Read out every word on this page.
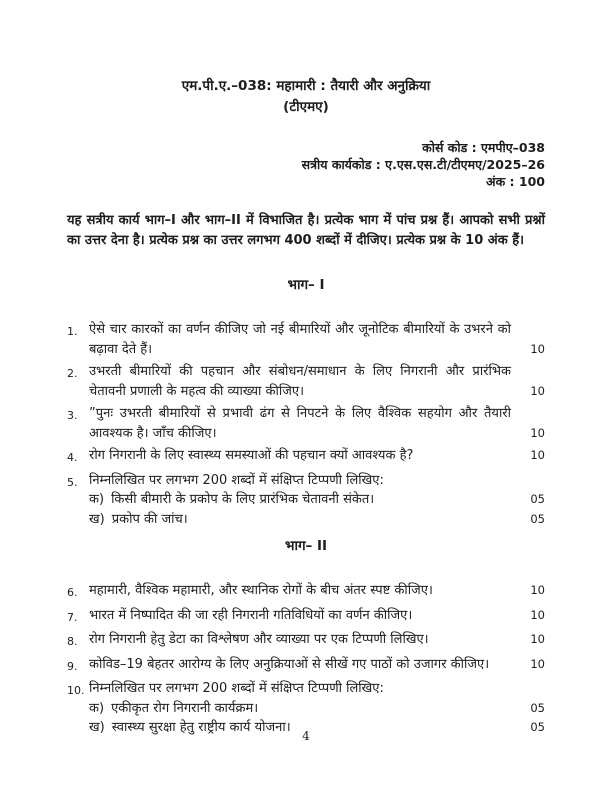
एम.पी.ए.–038: महामारी : तैयारी और अनुक्रिया
(टीएमए)
कोर्स कोड : एमपीए–038
सत्रीय कार्यकोड : ए.एस.एस.टी/टीएमए/2025–26
अंक : 100

यह सत्रीय कार्य भाग–I और भाग–II में विभाजित है। प्रत्येक भाग में पांच प्रश्न हैं। आपको सभी प्रश्नों का उत्तर देना है। प्रत्येक प्रश्न का उत्तर लगभग 400 शब्दों में दीजिए। प्रत्येक प्रश्न के 10 अंक हैं।

भाग– I
1. ऐसे चार कारकों का वर्णन कीजिए जो नई बीमारियों और जूनोटिक बीमारियों के उभरने को बढ़ावा देते हैं।	10
2. उभरती बीमारियों की पहचान और संबोधन/समाधान के लिए निगरानी और प्रारंभिक चेतावनी प्रणाली के महत्व की व्याख्या कीजिए।	10
3. ”पुनः उभरती बीमारियों से प्रभावी ढंग से निपटने के लिए वैश्विक सहयोग और तैयारी आवश्यक है। जाँच कीजिए।	10
4. रोग निगरानी के लिए स्वास्थ्य समस्याओं की पहचान क्यों आवश्यक है?	10
5. निम्नलिखित पर लगभग 200 शब्दों में संक्षिप्त टिप्पणी लिखिए:
क) किसी बीमारी के प्रकोप के लिए प्रारंभिक चेतावनी संकेत।	05
ख) प्रकोप की जांच।	05
भाग– II
6. महामारी, वैश्विक महामारी, और स्थानिक रोगों के बीच अंतर स्पष्ट कीजिए।	10
7. भारत में निष्पादित की जा रही निगरानी गतिविधियों का वर्णन कीजिए।	10
8. रोग निगरानी हेतु डेटा का विश्लेषण और व्याख्या पर एक टिप्पणी लिखिए।	10
9. कोविड–19 बेहतर आरोग्य के लिए अनुक्रियाओं से सीखें गए पाठों को उजागर कीजिए।	10
10. निम्नलिखित पर लगभग 200 शब्दों में संक्षिप्त टिप्पणी लिखिए:
क) एकीकृत रोग निगरानी कार्यक्रम।	05
ख) स्वास्थ्य सुरक्षा हेतु राष्ट्रीय कार्य योजना।	05
4
